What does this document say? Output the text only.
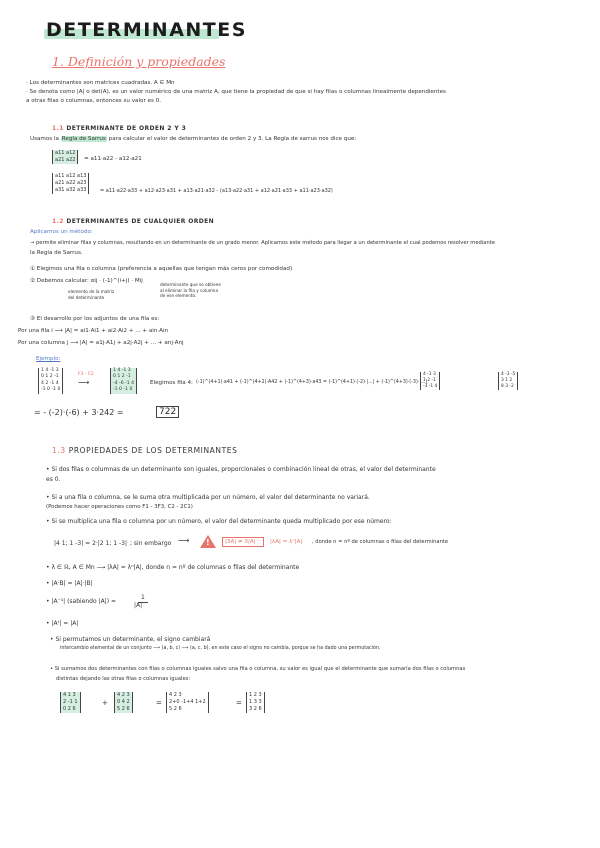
DETERMINANTES
1. Definición y propiedades
· Los determinantes son matrices cuadradas. A ∈ Mn
· Se denota como |A| o det(A), es un valor numérico de una matriz A, que tiene la propiedad de que si hay filas o columnas linealmente dependientes
a otras filas o columnas, entonces su valor es 0.
1.1 DETERMINANTE DE ORDEN 2 Y 3
Usamos la Regla de Sarrus para calcular el valor de determinantes de orden 2 y 3. La Regla de sarrus nos dice que:
a11 a12
a21 a22 = a11·a22 - a12·a21
a11 a12 a13
a21 a22 a23
a31 a32 a33	= a11·a22·a33 + a12·a23·a31 + a13·a21·a32 - (a13·a22·a31 + a12·a21·a33 + a11·a23·a32)
1.2 DETERMINANTES DE CUALQUIER ORDEN
Aplicamos un método:
→ permite eliminar filas y columnas, resultando en un determinante de un grado menor. Aplicamos este método para llegar a un determinante el cual podemos resolver mediante
la Regla de Sarrus.
① Elegimos una fila o columna (preferencia a aquellas que tengan más ceros por comodidad)
② Debemos calcular: αij · (-1)^(i+j) · Mij
elemento de la matriz del determinante
determinante que se obtiene al eliminar la fila y columna de ese elemento.
③ El desarrollo por los adjuntos de una fila es:
Por una fila i ⟶ |A| = ai1·Ai1 + ai2·Ai2 + ... + ain·Ain
Por una columna j ⟶ |A| = a1j·A1j + a2j·A2j + ... + anj·Anj
Ejemplo:
1 4 -1 3
0 1 2 -1
4 2 -1 4
-1 0 -1 0
F3 - F2
⟶
1 4 -1 3
0 1 2 -1
-4 -6 -1 4
-1 0 -1 0
Elegimos fila 4: (-1)^(4+1)·a41 + (-1)^(4+2)·A42 + (-1)^(4+3)·a43 = (-1)^(4+1)·(-2)·|...| + (-1)^(4+3)·(-3)·|...|
4 -1 3
1 2 -1
-3 -1 4
4 -3 -5
3 1 2
8 3 -2
= - (-2)·(-6) + 3·242 =	722
1.3 PROPIEDADES DE LOS DETERMINANTES
• Si dos filas o columnas de un determinante son iguales, proporcionales o combinación lineal de otras, el valor del determinante
es 0.
• Si a una fila o columna, se le suma otra multiplicada por un número, el valor del determinante no variará.
(Podemos hacer operaciones como F1 - 3F3, C2 - 2C1)
• Si se multiplica una fila o columna por un número, el valor del determinante queda multiplicado por ese número:
|4 1; 1 -3| = 2·|2 1; 1 -3| ; sin embargo ⟶ !	|3A| ≠ 3|A|	|λA| = λⁿ|A| , donde n = nº de columnas o filas del determinante
• λ ∈ ℝ, A ∈ Mn ⟶ |λA| = λⁿ|A|, donde n = nº de columnas o filas del determinante
• |A·B| = |A|·|B|
• |A⁻¹| (sabiendo |A|) =
1
|A|
• |Aᵗ| = |A|
• Si permutamos un determinante, el signo cambiará
intercambio elemental de un conjunto ⟶ (a, b, c) ⟶ (a, c, b), en este caso el signo no cambia, porque se ha dado una permutación.
• Si sumamos dos determinantes con filas o columnas iguales salvo una fila o columna, su valor es igual que el determinante que sumaría dos filas o columnas
distintas dejando las otras filas o columnas iguales:
4 1 3
2 -1 1
0 2 6
+
4 2 3
0 4 2
5 2 6
=
4 2 3
2+0 -1+4 1+2
5 2 6
=
1 2 3
1 3 3
3 2 6
